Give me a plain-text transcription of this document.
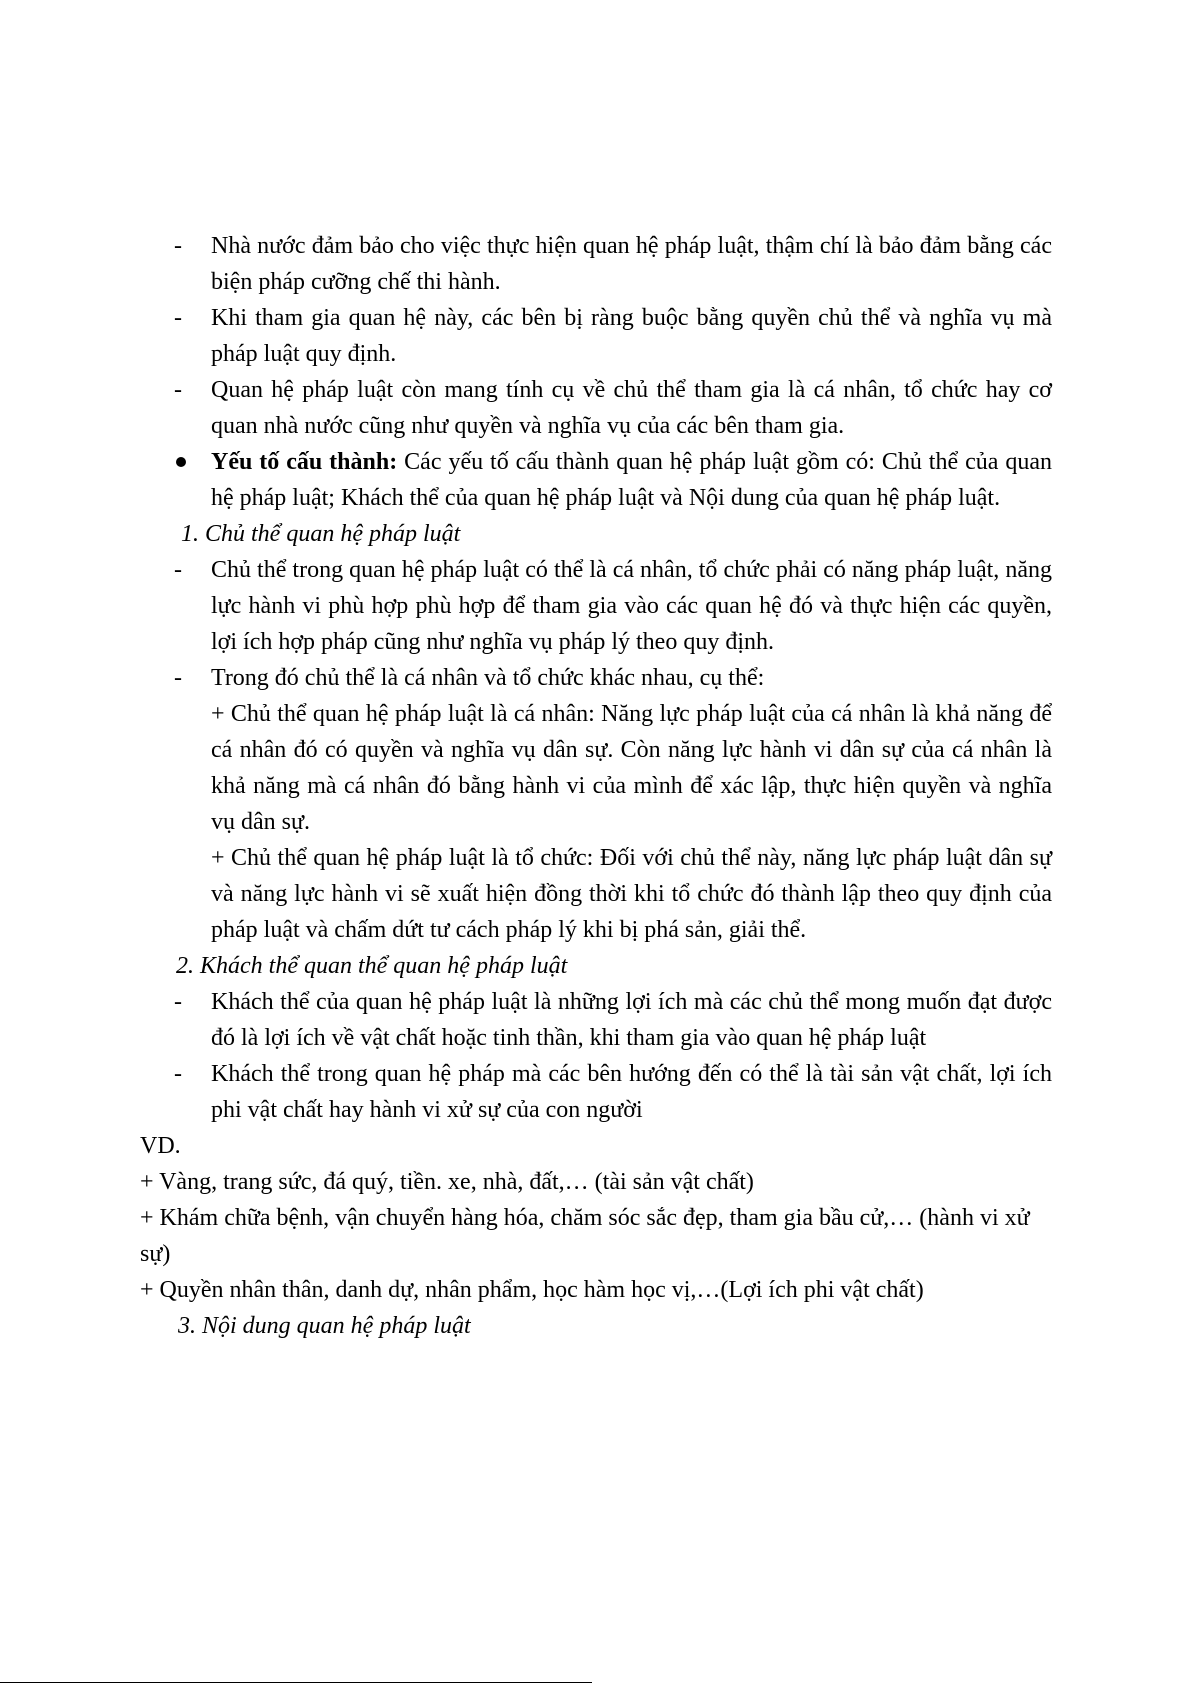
- Nhà nước đảm bảo cho việc thực hiện quan hệ pháp luật, thậm chí là bảo đảm bằng các biện pháp cưỡng chế thi hành.
- Khi tham gia quan hệ này, các bên bị ràng buộc bằng quyền chủ thể và nghĩa vụ mà pháp luật quy định.
- Quan hệ pháp luật còn mang tính cụ về chủ thể tham gia là cá nhân, tổ chức hay cơ quan nhà nước cũng như quyền và nghĩa vụ của các bên tham gia.
Yếu tố cấu thành: Các yếu tố cấu thành quan hệ pháp luật gồm có: Chủ thể của quan hệ pháp luật; Khách thể của quan hệ pháp luật và Nội dung của quan hệ pháp luật.
1. Chủ thể quan hệ pháp luật
- Chủ thể trong quan hệ pháp luật có thể là cá nhân, tổ chức phải có năng pháp luật, năng lực hành vi phù hợp phù hợp để tham gia vào các quan hệ đó và thực hiện các quyền, lợi ích hợp pháp cũng như nghĩa vụ pháp lý theo quy định.
- Trong đó chủ thể là cá nhân và tổ chức khác nhau, cụ thể:
+ Chủ thể quan hệ pháp luật là cá nhân: Năng lực pháp luật của cá nhân là khả năng để cá nhân đó có quyền và nghĩa vụ dân sự. Còn năng lực hành vi dân sự của cá nhân là khả năng mà cá nhân đó bằng hành vi của mình để xác lập, thực hiện quyền và nghĩa vụ dân sự.
+ Chủ thể quan hệ pháp luật là tổ chức: Đối với chủ thể này, năng lực pháp luật dân sự và năng lực hành vi sẽ xuất hiện đồng thời khi tổ chức đó thành lập theo quy định của pháp luật và chấm dứt tư cách pháp lý khi bị phá sản, giải thể.
2. Khách thể quan thể quan hệ pháp luật
- Khách thể của quan hệ pháp luật là những lợi ích mà các chủ thể mong muốn đạt được đó là lợi ích về vật chất hoặc tinh thần, khi tham gia vào quan hệ pháp luật
- Khách thể trong quan hệ pháp mà các bên hướng đến có thể là tài sản vật chất, lợi ích phi vật chất hay hành vi xử sự của con người
VD.
+ Vàng, trang sức, đá quý, tiền. xe, nhà, đất,… (tài sản vật chất)
+ Khám chữa bệnh, vận chuyển hàng hóa, chăm sóc sắc đẹp, tham gia bầu cử,… (hành vi xử sự)
+ Quyền nhân thân, danh dự, nhân phẩm, học hàm học vị,…(Lợi ích phi vật chất)
3. Nội dung quan hệ pháp luật
